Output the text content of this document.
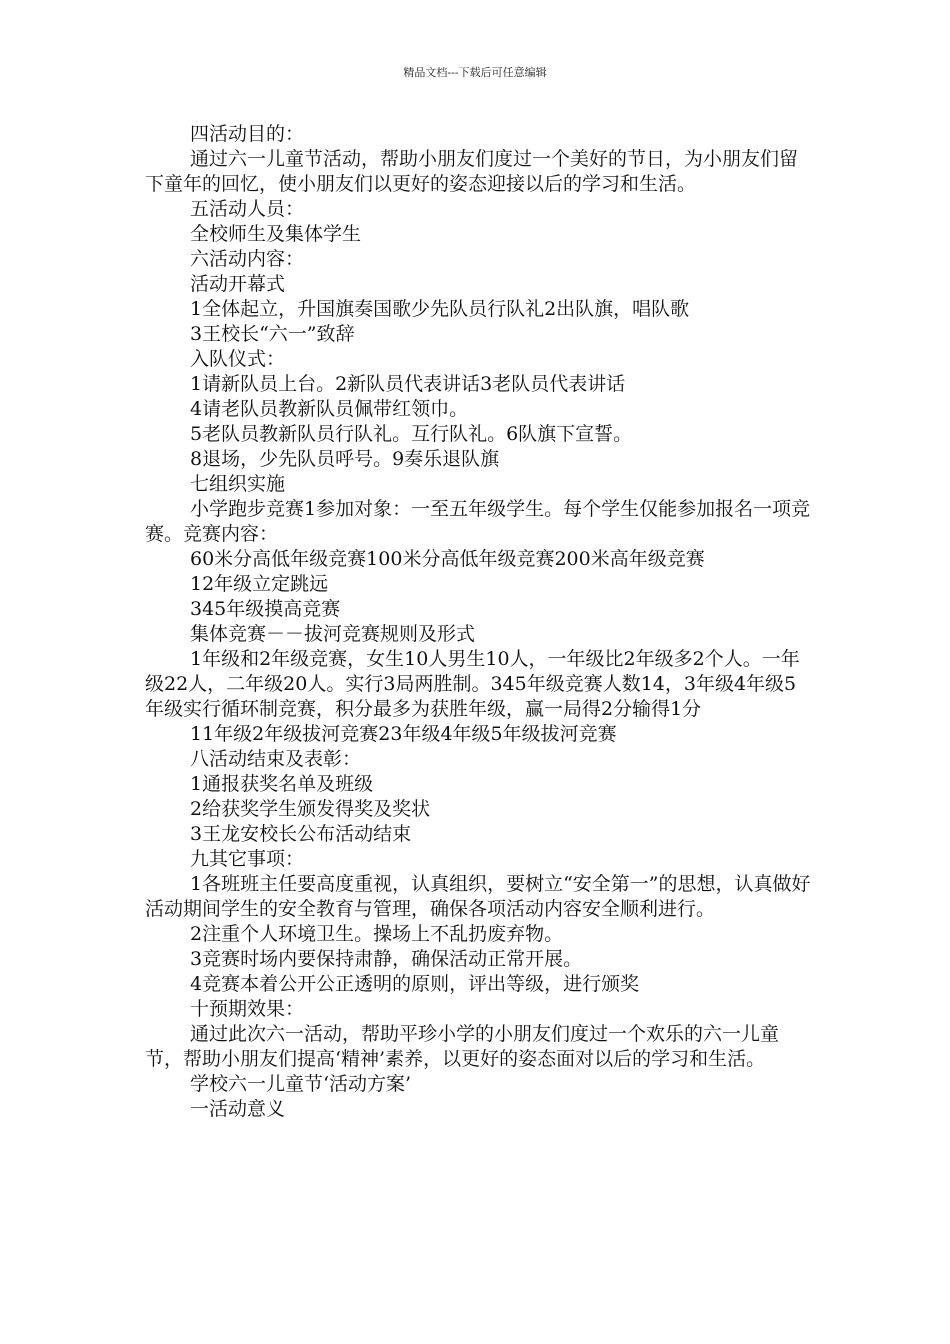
精品文档---下载后可任意编辑

四活动目的：

通过六一儿童节活动，帮助小朋友们度过一个美好的节日，为小朋友们留下童年的回忆，使小朋友们以更好的姿态迎接以后的学习和生活。

五活动人员：

全校师生及集体学生

六活动内容：

活动开幕式

1全体起立，升国旗奏国歌少先队员行队礼2出队旗，唱队歌

3王校长“六一”致辞

入队仪式：

1请新队员上台。2新队员代表讲话3老队员代表讲话

4请老队员教新队员佩带红领巾。

5老队员教新队员行队礼。互行队礼。6队旗下宣誓。

8退场，少先队员呼号。9奏乐退队旗

七组织实施

小学跑步竞赛1参加对象：一至五年级学生。每个学生仅能参加报名一项竞赛。竞赛内容：

60米分高低年级竞赛100米分高低年级竞赛200米高年级竞赛

12年级立定跳远

345年级摸高竞赛

集体竞赛－－拔河竞赛规则及形式

1年级和2年级竞赛，女生10人男生10人，一年级比2年级多2个人。一年级22人，二年级20人。实行3局两胜制。345年级竞赛人数14，3年级4年级5年级实行循环制竞赛，积分最多为获胜年级，赢一局得2分输得1分

11年级2年级拔河竞赛23年级4年级5年级拔河竞赛

八活动结束及表彰：

1通报获奖名单及班级

2给获奖学生颁发得奖及奖状

3王龙安校长公布活动结束

九其它事项：

1各班班主任要高度重视，认真组织，要树立“安全第一”的思想，认真做好活动期间学生的安全教育与管理，确保各项活动内容安全顺利进行。

2注重个人环境卫生。操场上不乱扔废弃物。

3竞赛时场内要保持肃静，确保活动正常开展。

4竞赛本着公开公正透明的原则，评出等级，进行颁奖

十预期效果：

通过此次六一活动，帮助平珍小学的小朋友们度过一个欢乐的六一儿童节，帮助小朋友们提高‘精神’素养，以更好的姿态面对以后的学习和生活。

学校六一儿童节‘活动方案’

一活动意义
